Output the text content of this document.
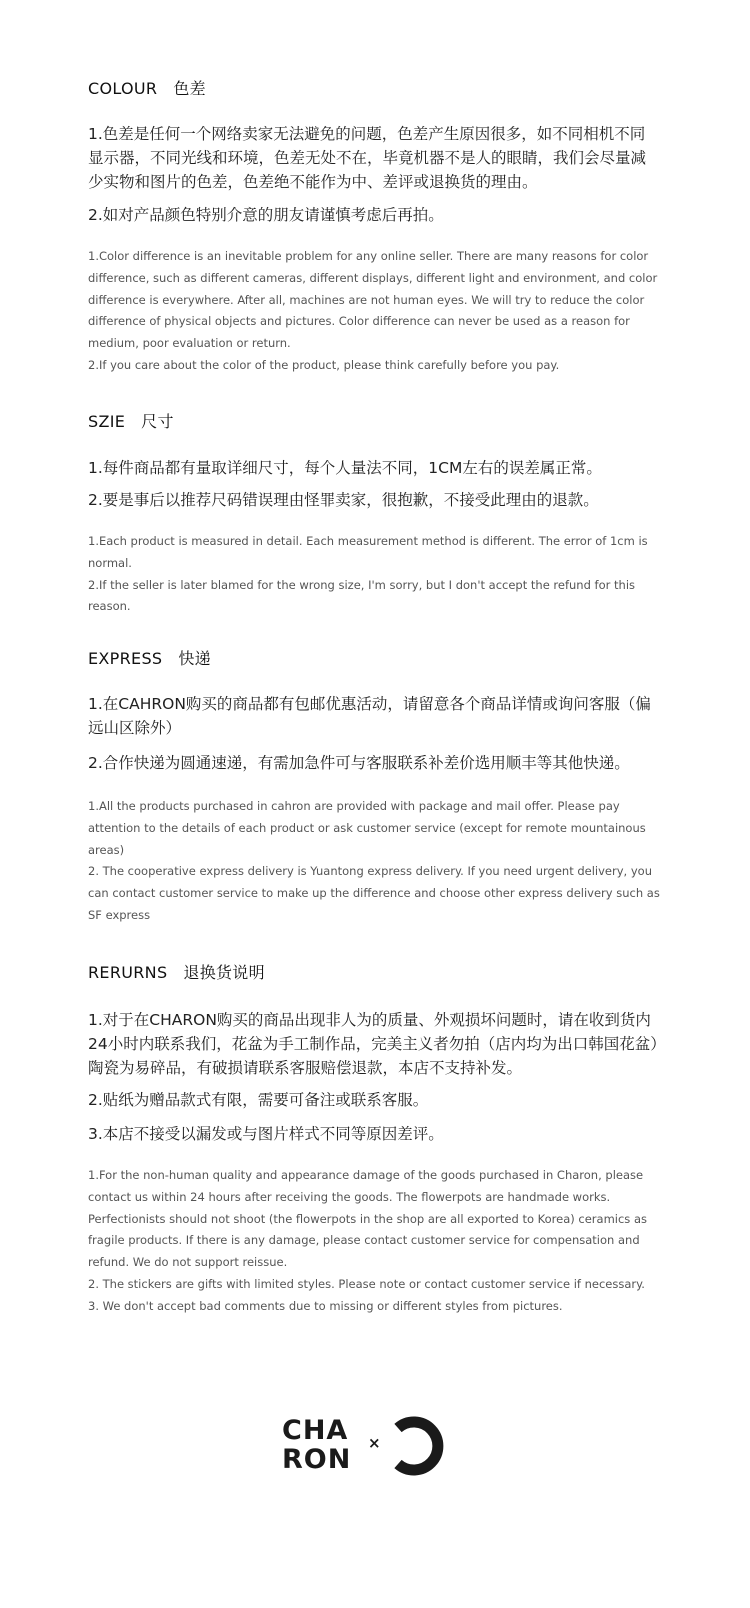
COLOUR 色差

1.色差是任何一个网络卖家无法避免的问题，色差产生原因很多，如不同相机不同显示器，不同光线和环境，色差无处不在，毕竟机器不是人的眼睛，我们会尽量减少实物和图片的色差，色差绝不能作为中、差评或退换货的理由。

2.如对产品颜色特别介意的朋友请谨慎考虑后再拍。

1.Color difference is an inevitable problem for any online seller. There are many reasons for color difference, such as different cameras, different displays, different light and environment, and color difference is everywhere. After all, machines are not human eyes. We will try to reduce the color difference of physical objects and pictures. Color difference can never be used as a reason for medium, poor evaluation or return.

2.If you care about the color of the product, please think carefully before you pay.

SZIE 尺寸

1.每件商品都有量取详细尺寸，每个人量法不同，1CM左右的误差属正常。

2.要是事后以推荐尺码错误理由怪罪卖家，很抱歉，不接受此理由的退款。

1.Each product is measured in detail. Each measurement method is different. The error of 1cm is normal.

2.If the seller is later blamed for the wrong size, I'm sorry, but I don't accept the refund for this reason.

EXPRESS 快递

1.在CAHRON购买的商品都有包邮优惠活动，请留意各个商品详情或询问客服（偏远山区除外）

2.合作快递为圆通速递，有需加急件可与客服联系补差价选用顺丰等其他快递。

1.All the products purchased in cahron are provided with package and mail offer. Please pay attention to the details of each product or ask customer service (except for remote mountainous areas)

2. The cooperative express delivery is Yuantong express delivery. If you need urgent delivery, you can contact customer service to make up the difference and choose other express delivery such as SF express

RERURNS 退换货说明

1.对于在CHARON购买的商品出现非人为的质量、外观损坏问题时，请在收到货内24小时内联系我们，花盆为手工制作品，完美主义者勿拍（店内均为出口韩国花盆）陶瓷为易碎品，有破损请联系客服赔偿退款，本店不支持补发。

2.贴纸为赠品款式有限，需要可备注或联系客服。

3.本店不接受以漏发或与图片样式不同等原因差评。

1.For the non-human quality and appearance damage of the goods purchased in Charon, please contact us within 24 hours after receiving the goods. The flowerpots are handmade works. Perfectionists should not shoot (the flowerpots in the shop are all exported to Korea) ceramics as fragile products. If there is any damage, please contact customer service for compensation and refund. We do not support reissue.

2. The stickers are gifts with limited styles. Please note or contact customer service if necessary.

3. We don't accept bad comments due to missing or different styles from pictures.

CHA
RON
×
